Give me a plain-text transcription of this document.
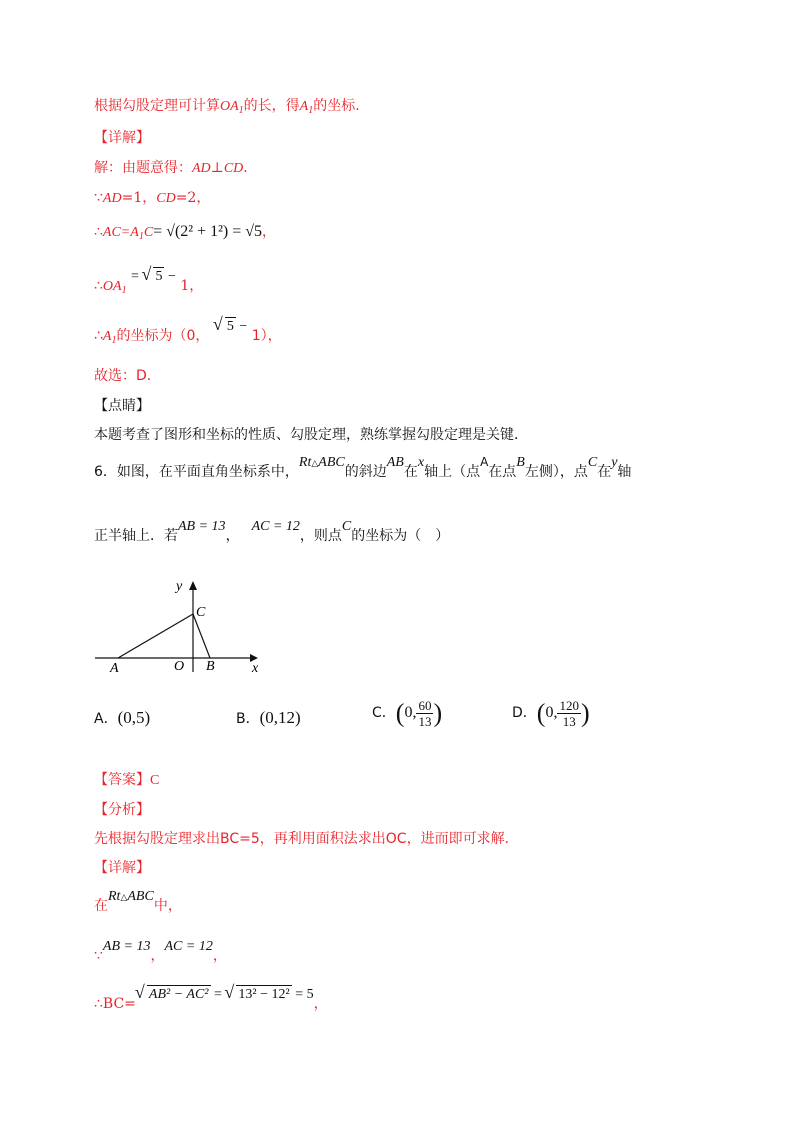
根据勾股定理可计算$OA_1$的长，得$A_1$的坐标.
【详解】
解：由题意得：AD⊥CD.
∵AD=1，CD=2，
$\therefore AC=A_1C= √(2^2 + 1^2) = √5$，
$\therefore OA_1$ = √ 5 − 1，
$\therefore A_1$的坐标为（0， √ 5 − 1），
故选：D．
【点睛】
本题考查了图形和坐标的性质、勾股定理，熟练掌握勾股定理是关键．
6．如图，在平面直角坐标系中，Rt△ABC的斜边AB在x轴上（点A在点B左侧），点C在y轴
正半轴上．若AB = 13，AC = 12，则点C的坐标为（　）
y
C
A	O B	x
A．(0,5)	B．(0,12)	C．(0, $\frac{60}{13}$ )	D．(0, $\frac{120}{13}$ )
【答案】C
【分析】
先根据勾股定理求出BC=5，再利用面积法求出OC，进而即可求解．
【详解】
在Rt△ABC中，
∵AB = 13，AC = 12，
∴BC=√ AB² − AC² = √ 13² − 12² = 5，
